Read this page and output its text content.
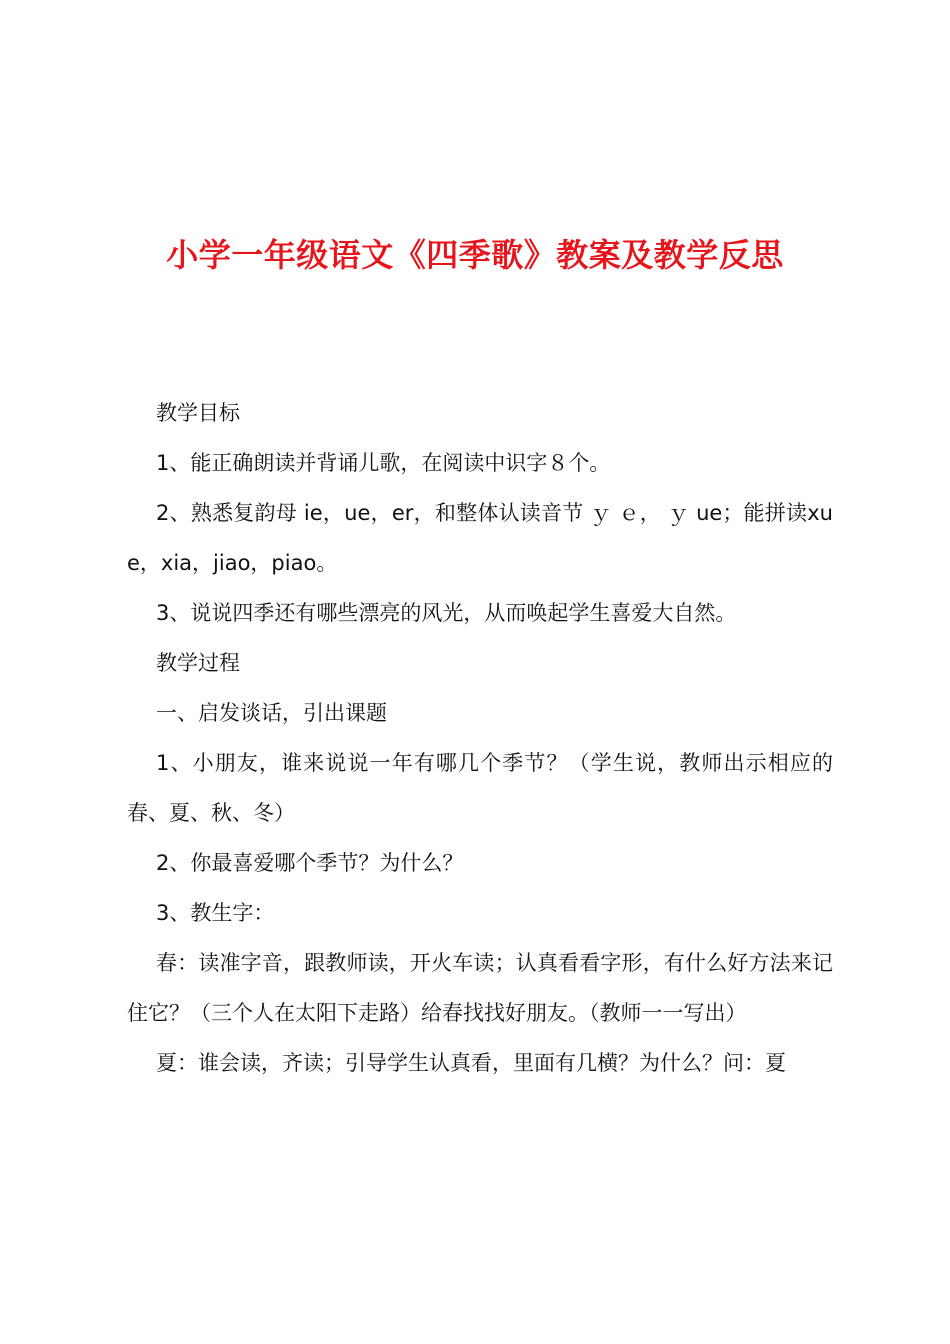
小学一年级语文《四季歌》教案及教学反思

教学目标

1、能正确朗读并背诵儿歌，在阅读中识字８个。

2、熟悉复韵母 ie，ue，er，和整体认读音节 ｙ ｅ， ｙ ue；能拼读xue，xia，jiao，piao。

3、说说四季还有哪些漂亮的风光，从而唤起学生喜爱大自然。

教学过程

一、启发谈话，引出课题

1、小朋友，谁来说说一年有哪几个季节？（学生说，教师出示相应的春、夏、秋、冬）

2、你最喜爱哪个季节？为什么？

3、教生字：

春：读准字音，跟教师读，开火车读；认真看看字形，有什么好方法来记住它？（三个人在太阳下走路）给春找找好朋友。（教师一一写出）

夏：谁会读，齐读；引导学生认真看，里面有几横？为什么？问：夏
